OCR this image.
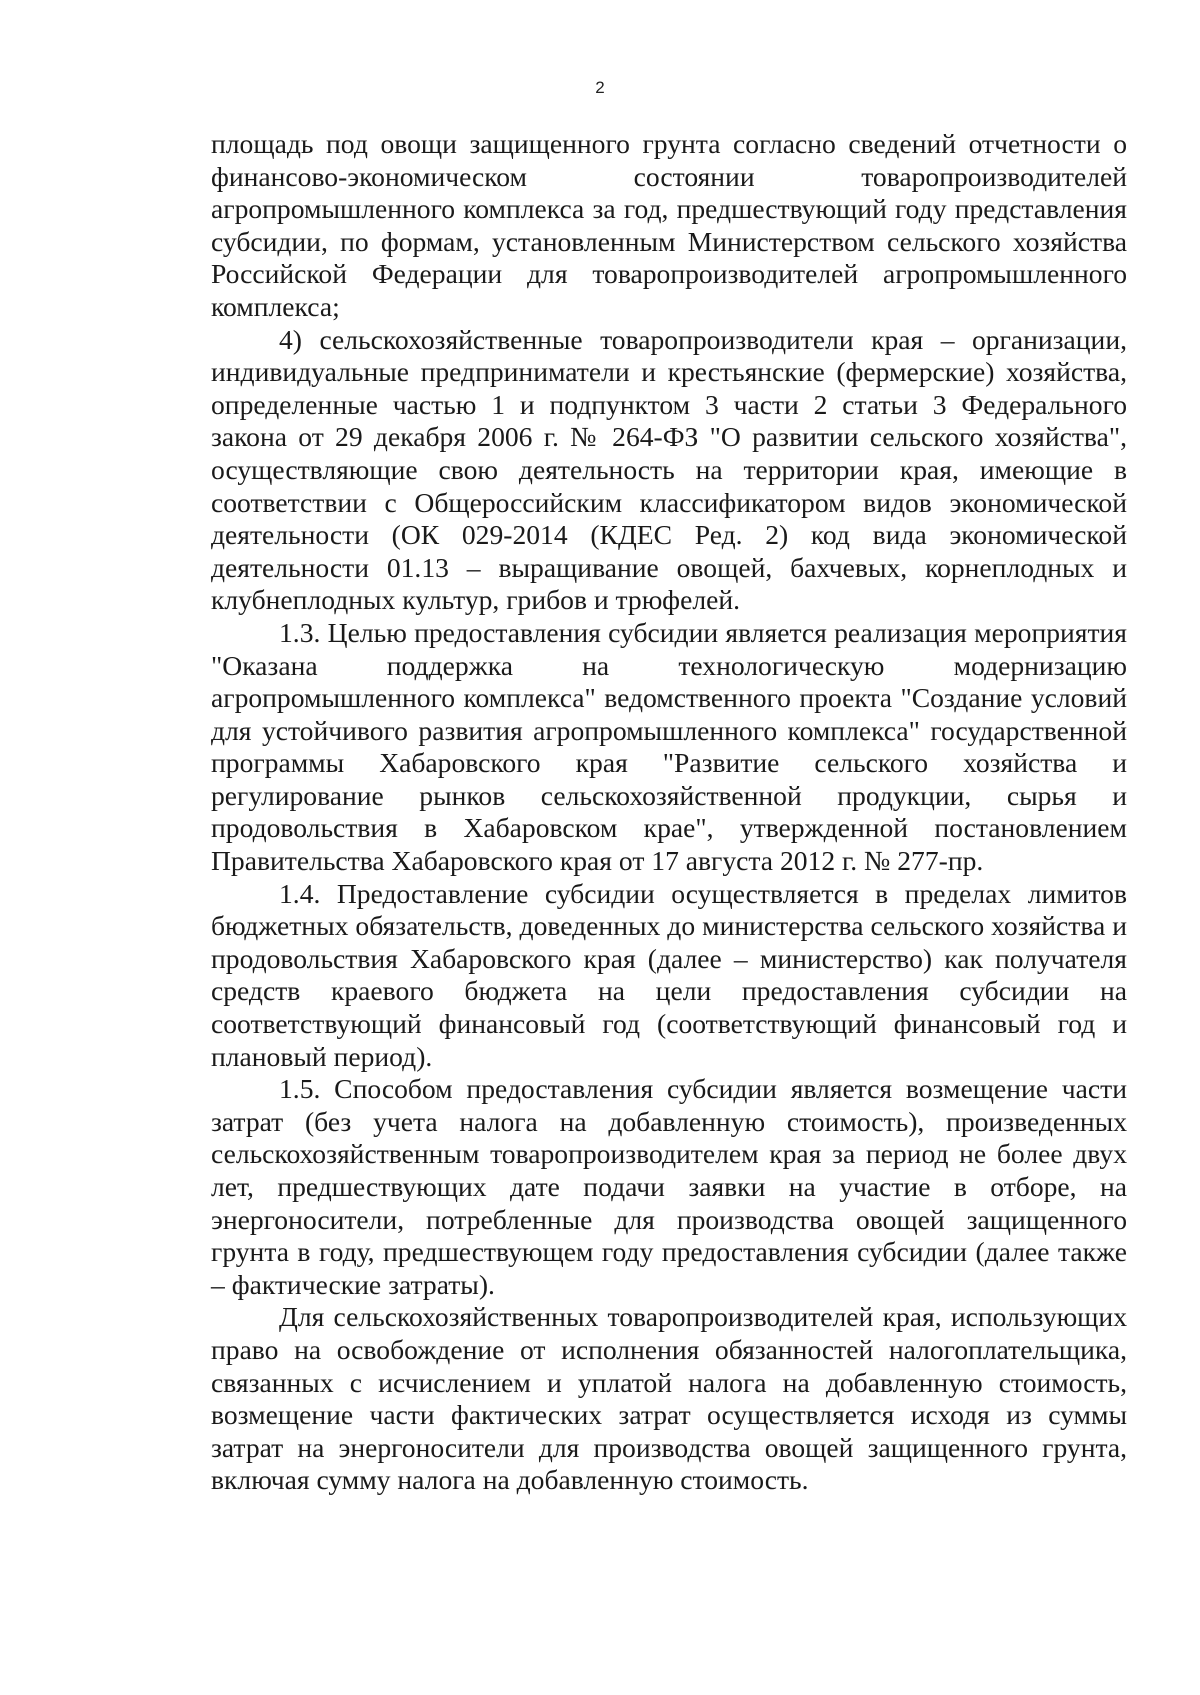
2

площадь под овощи защищенного грунта согласно сведений отчетности о финансово-экономическом состоянии товаропроизводителей агропромышленного комплекса за год, предшествующий году представления субсидии, по формам, установленным Министерством сельского хозяйства Российской Федерации для товаропроизводителей агропромышленного комплекса;

4) сельскохозяйственные товаропроизводители края – организации, индивидуальные предприниматели и крестьянские (фермерские) хозяйства, определенные частью 1 и подпунктом 3 части 2 статьи 3 Федерального закона от 29 декабря 2006 г. № 264-ФЗ "О развитии сельского хозяйства", осуществляющие свою деятельность на территории края, имеющие в соответствии с Общероссийским классификатором видов экономической деятельности (ОК 029-2014 (КДЕС Ред. 2) код вида экономической деятельности 01.13 – выращивание овощей, бахчевых, корнеплодных и клубнеплодных культур, грибов и трюфелей.

1.3. Целью предоставления субсидии является реализация мероприятия "Оказана поддержка на технологическую модернизацию агропромышленного комплекса" ведомственного проекта "Создание условий для устойчивого развития агропромышленного комплекса" государственной программы Хабаровского края "Развитие сельского хозяйства и регулирование рынков сельскохозяйственной продукции, сырья и продовольствия в Хабаровском крае", утвержденной постановлением Правительства Хабаровского края от 17 августа 2012 г. № 277-пр.

1.4. Предоставление субсидии осуществляется в пределах лимитов бюджетных обязательств, доведенных до министерства сельского хозяйства и продовольствия Хабаровского края (далее – министерство) как получателя средств краевого бюджета на цели предоставления субсидии на соответствующий финансовый год (соответствующий финансовый год и плановый период).

1.5. Способом предоставления субсидии является возмещение части затрат (без учета налога на добавленную стоимость), произведенных сельскохозяйственным товаропроизводителем края за период не более двух лет, предшествующих дате подачи заявки на участие в отборе, на энергоносители, потребленные для производства овощей защищенного грунта в году, предшествующем году предоставления субсидии (далее также – фактические затраты).

Для сельскохозяйственных товаропроизводителей края, использующих право на освобождение от исполнения обязанностей налогоплательщика, связанных с исчислением и уплатой налога на добавленную стоимость, возмещение части фактических затрат осуществляется исходя из суммы затрат на энергоносители для производства овощей защищенного грунта, включая сумму налога на добавленную стоимость.
